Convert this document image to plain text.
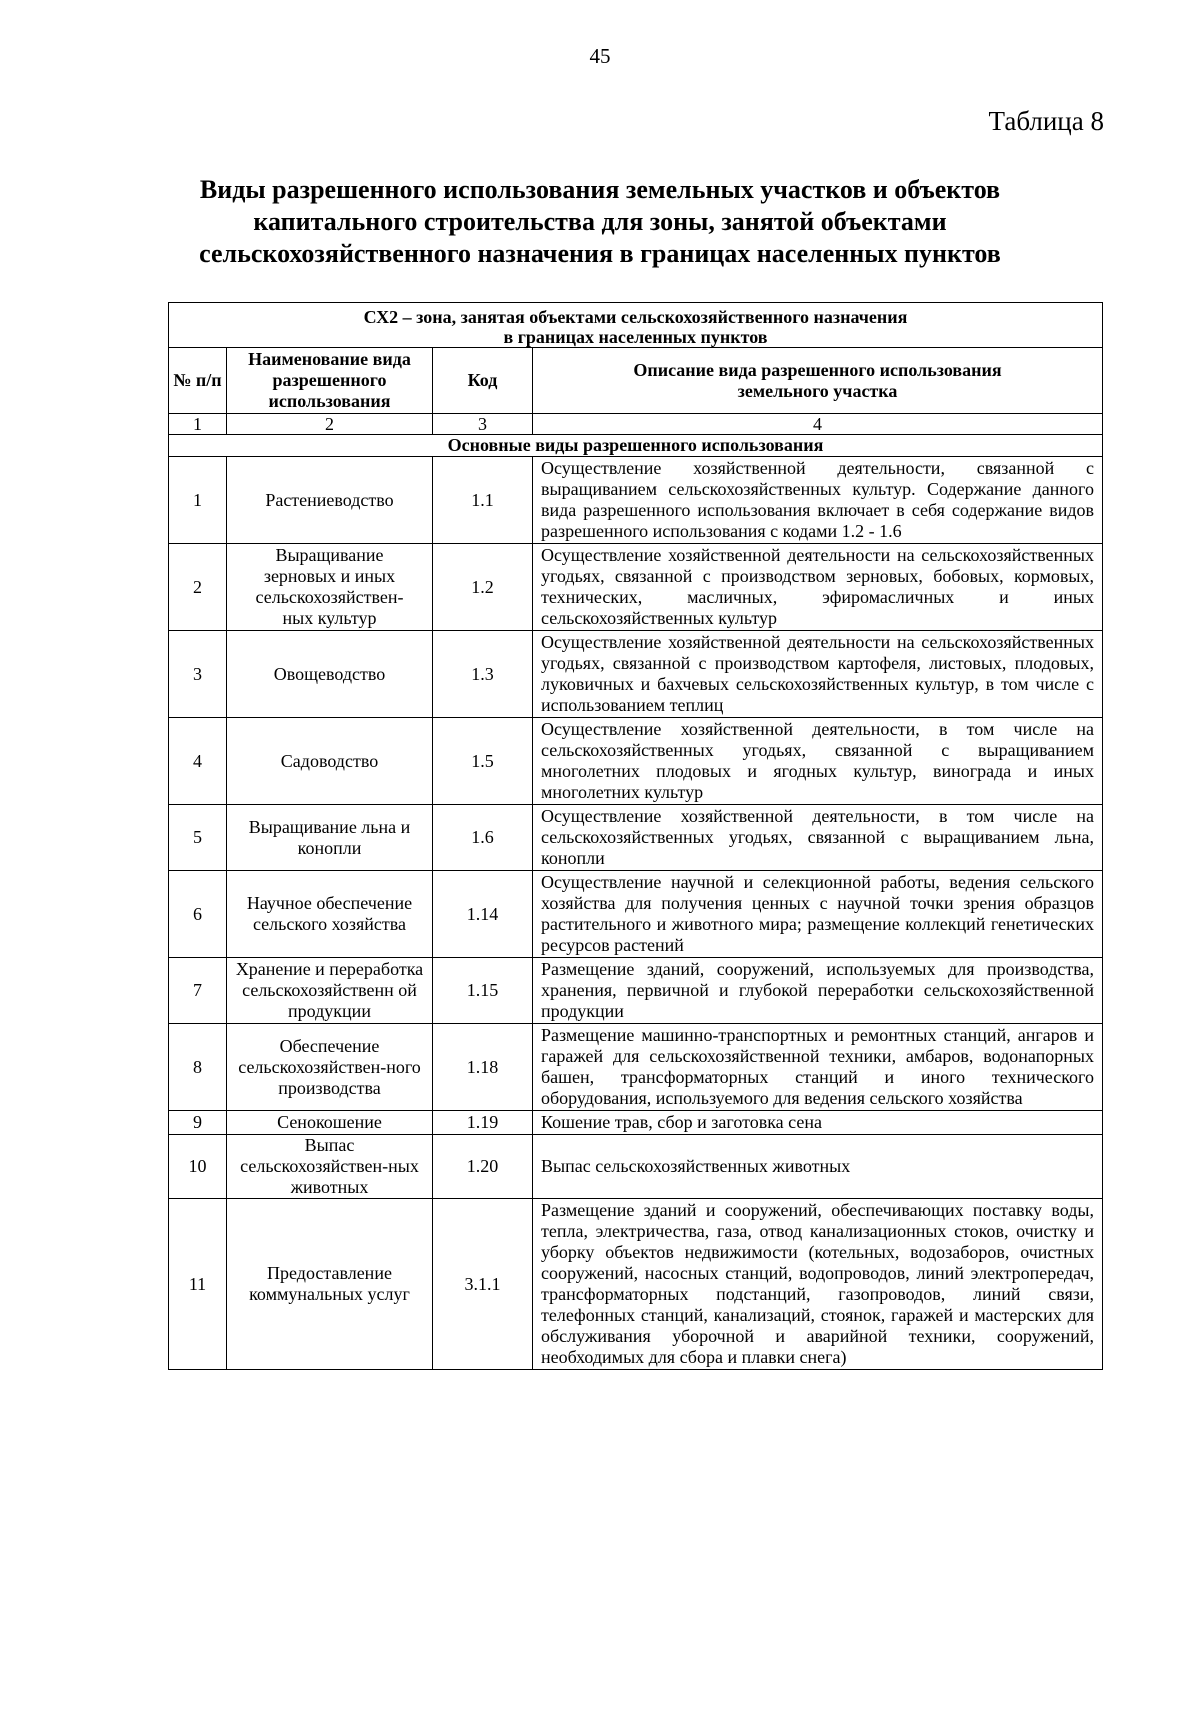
45
Таблица 8
Виды разрешенного использования земельных участков и объектов
капитального строительства для зоны, занятой объектами
сельскохозяйственного назначения в границах населенных пунктов
СХ2 – зона, занятая объектами сельскохозяйственного назначения
в границах населенных пунктов			

№ п/п	Наименование вида разрешенного использования	Код	Описание вида разрешенного использования земельного участка
1	2	3	4
Основные виды разрешенного использования			
1	Растениеводство	1.1	Осуществление хозяйственной деятельности, связанной с выращиванием сельскохозяйственных культур. Содержание данного вида разрешенного использования включает в себя содержание видов разрешенного использования с кодами 1.2 - 1.6
2	Выращивание зерновых и иных сельскохозяйствен-ных культур	1.2	Осуществление хозяйственной деятельности на сельскохозяйственных угодьях, связанной с производством зерновых, бобовых, кормовых, технических, масличных, эфиромасличных и иных сельскохозяйственных культур
3	Овощеводство	1.3	Осуществление хозяйственной деятельности на сельскохозяйственных угодьях, связанной с производством картофеля, листовых, плодовых, луковичных и бахчевых сельскохозяйственных культур, в том числе с использованием теплиц
4	Садоводство	1.5	Осуществление хозяйственной деятельности, в том числе на сельскохозяйственных угодьях, связанной с выращиванием многолетних плодовых и ягодных культур, винограда и иных многолетних культур
5	Выращивание льна и конопли	1.6	Осуществление хозяйственной деятельности, в том числе на сельскохозяйственных угодьях, связанной с выращиванием льна, конопли
6	Научное обеспечение сельского хозяйства	1.14	Осуществление научной и селекционной работы, ведения сельского хозяйства для получения ценных с научной точки зрения образцов растительного и животного мира; размещение коллекций генетических ресурсов растений
7	Хранение и переработка сельскохозяйственн ой продукции	1.15	Размещение зданий, сооружений, используемых для производства, хранения, первичной и глубокой переработки сельскохозяйственной продукции
8	Обеспечение сельскохозяйствен-ного производства	1.18	Размещение машинно-транспортных и ремонтных станций, ангаров и гаражей для сельскохозяйственной техники, амбаров, водонапорных башен, трансформаторных станций и иного технического оборудования, используемого для ведения сельского хозяйства
9	Сенокошение	1.19	Кошение трав, сбор и заготовка сена
10	Выпас сельскохозяйствен-ных животных	1.20	Выпас сельскохозяйственных животных
11	Предоставление коммунальных услуг	3.1.1	Размещение зданий и сооружений, обеспечивающих поставку воды, тепла, электричества, газа, отвод канализационных стоков, очистку и уборку объектов недвижимости (котельных, водозаборов, очистных сооружений, насосных станций, водопроводов, линий электропередач, трансформаторных подстанций, газопроводов, линий связи, телефонных станций, канализаций, стоянок, гаражей и мастерских для обслуживания уборочной и аварийной техники, сооружений, необходимых для сбора и плавки снега)
